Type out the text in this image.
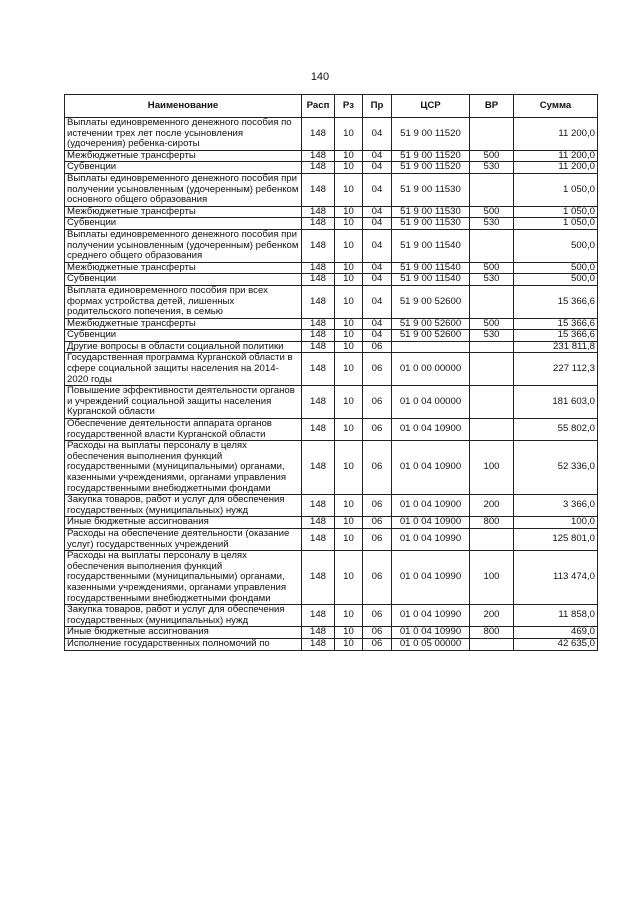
140
Наименование	Расп	Рз	Пр	ЦСР	ВР	Сумма
Выплаты единовременного денежного пособия по истечении трех лет после усыновления (удочерения) ребенка-сироты	148	10	04	51 9 00 11520		11 200,0
Межбюджетные трансферты	148	10	04	51 9 00 11520	500	11 200,0
Субвенции	148	10	04	51 9 00 11520	530	11 200,0
Выплаты единовременного денежного пособия при получении усыновленным (удочеренным) ребенком основного общего образования	148	10	04	51 9 00 11530		1 050,0
Межбюджетные трансферты	148	10	04	51 9 00 11530	500	1 050,0
Субвенции	148	10	04	51 9 00 11530	530	1 050,0
Выплаты единовременного денежного пособия при получении усыновленным (удочеренным) ребенком среднего общего образования	148	10	04	51 9 00 11540		500,0
Межбюджетные трансферты	148	10	04	51 9 00 11540	500	500,0
Субвенции	148	10	04	51 9 00 11540	530	500,0
Выплата единовременного пособия при всех формах устройства детей, лишенных родительского попечения, в семью	148	10	04	51 9 00 52600		15 366,6
Межбюджетные трансферты	148	10	04	51 9 00 52600	500	15 366,6
Субвенции	148	10	04	51 9 00 52600	530	15 366,6
Другие вопросы в области социальной политики	148	10	06			231 811,8
Государственная программа Курганской области в сфере социальной защиты населения на 2014-2020 годы	148	10	06	01 0 00 00000		227 112,3
Повышение эффективности деятельности органов и учреждений социальной защиты населения Курганской области	148	10	06	01 0 04 00000		181 603,0
Обеспечение деятельности аппарата органов государственной власти Курганской области	148	10	06	01 0 04 10900		55 802,0
Расходы на выплаты персоналу в целях обеспечения выполнения функций государственными (муниципальными) органами, казенными учреждениями, органами управления государственными внебюджетными фондами	148	10	06	01 0 04 10900	100	52 336,0
Закупка товаров, работ и услуг для обеспечения государственных (муниципальных) нужд	148	10	06	01 0 04 10900	200	3 366,0
Иные бюджетные ассигнования	148	10	06	01 0 04 10900	800	100,0
Расходы на обеспечение деятельности (оказание услуг) государственных учреждений	148	10	06	01 0 04 10990		125 801,0
Расходы на выплаты персоналу в целях обеспечения выполнения функций государственными (муниципальными) органами, казенными учреждениями, органами управления государственными внебюджетными фондами	148	10	06	01 0 04 10990	100	113 474,0
Закупка товаров, работ и услуг для обеспечения государственных (муниципальных) нужд	148	10	06	01 0 04 10990	200	11 858,0
Иные бюджетные ассигнования	148	10	06	01 0 04 10990	800	469,0
Исполнение государственных полномочий по	148	10	06	01 0 05 00000		42 635,0
